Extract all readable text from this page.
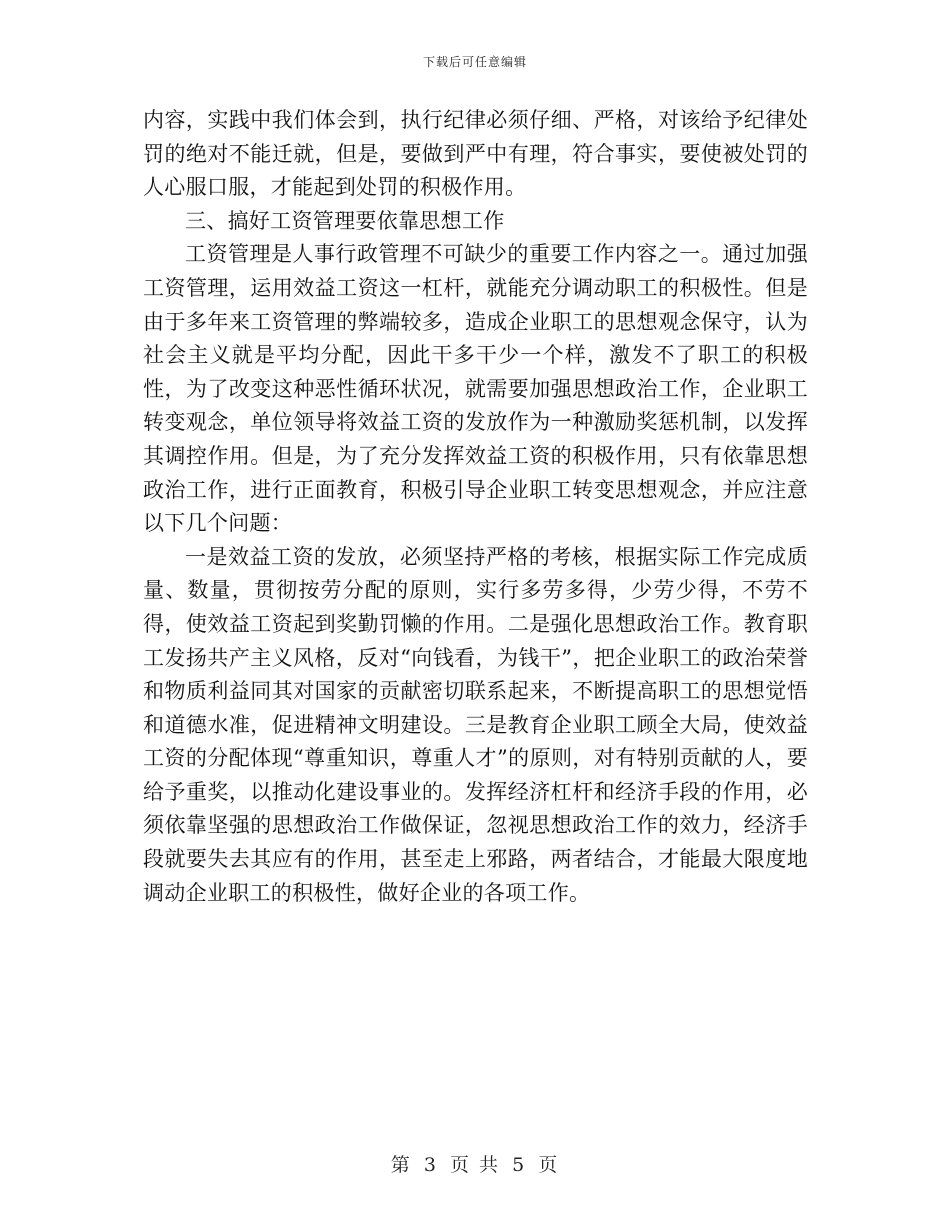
下载后可任意编辑

内容，实践中我们体会到，执行纪律必须仔细、严格，对该给予纪律处罚的绝对不能迁就，但是，要做到严中有理，符合事实，要使被处罚的人心服口服，才能起到处罚的积极作用。

三、搞好工资管理要依靠思想工作

工资管理是人事行政管理不可缺少的重要工作内容之一。通过加强工资管理，运用效益工资这一杠杆，就能充分调动职工的积极性。但是由于多年来工资管理的弊端较多，造成企业职工的思想观念保守，认为社会主义就是平均分配，因此干多干少一个样，激发不了职工的积极性，为了改变这种恶性循环状况，就需要加强思想政治工作，企业职工转变观念，单位领导将效益工资的发放作为一种激励奖惩机制，以发挥其调控作用。但是，为了充分发挥效益工资的积极作用，只有依靠思想政治工作，进行正面教育，积极引导企业职工转变思想观念，并应注意以下几个问题：

一是效益工资的发放，必须坚持严格的考核，根据实际工作完成质量、数量，贯彻按劳分配的原则，实行多劳多得，少劳少得，不劳不得，使效益工资起到奖勤罚懒的作用。二是强化思想政治工作。教育职工发扬共产主义风格，反对“向钱看，为钱干”，把企业职工的政治荣誉和物质利益同其对国家的贡献密切联系起来，不断提高职工的思想觉悟和道德水准，促进精神文明建设。三是教育企业职工顾全大局，使效益工资的分配体现“尊重知识，尊重人才”的原则，对有特别贡献的人，要给予重奖，以推动化建设事业的。发挥经济杠杆和经济手段的作用，必须依靠坚强的思想政治工作做保证，忽视思想政治工作的效力，经济手段就要失去其应有的作用，甚至走上邪路，两者结合，才能最大限度地调动企业职工的积极性，做好企业的各项工作。

第 3 页 共 5 页
